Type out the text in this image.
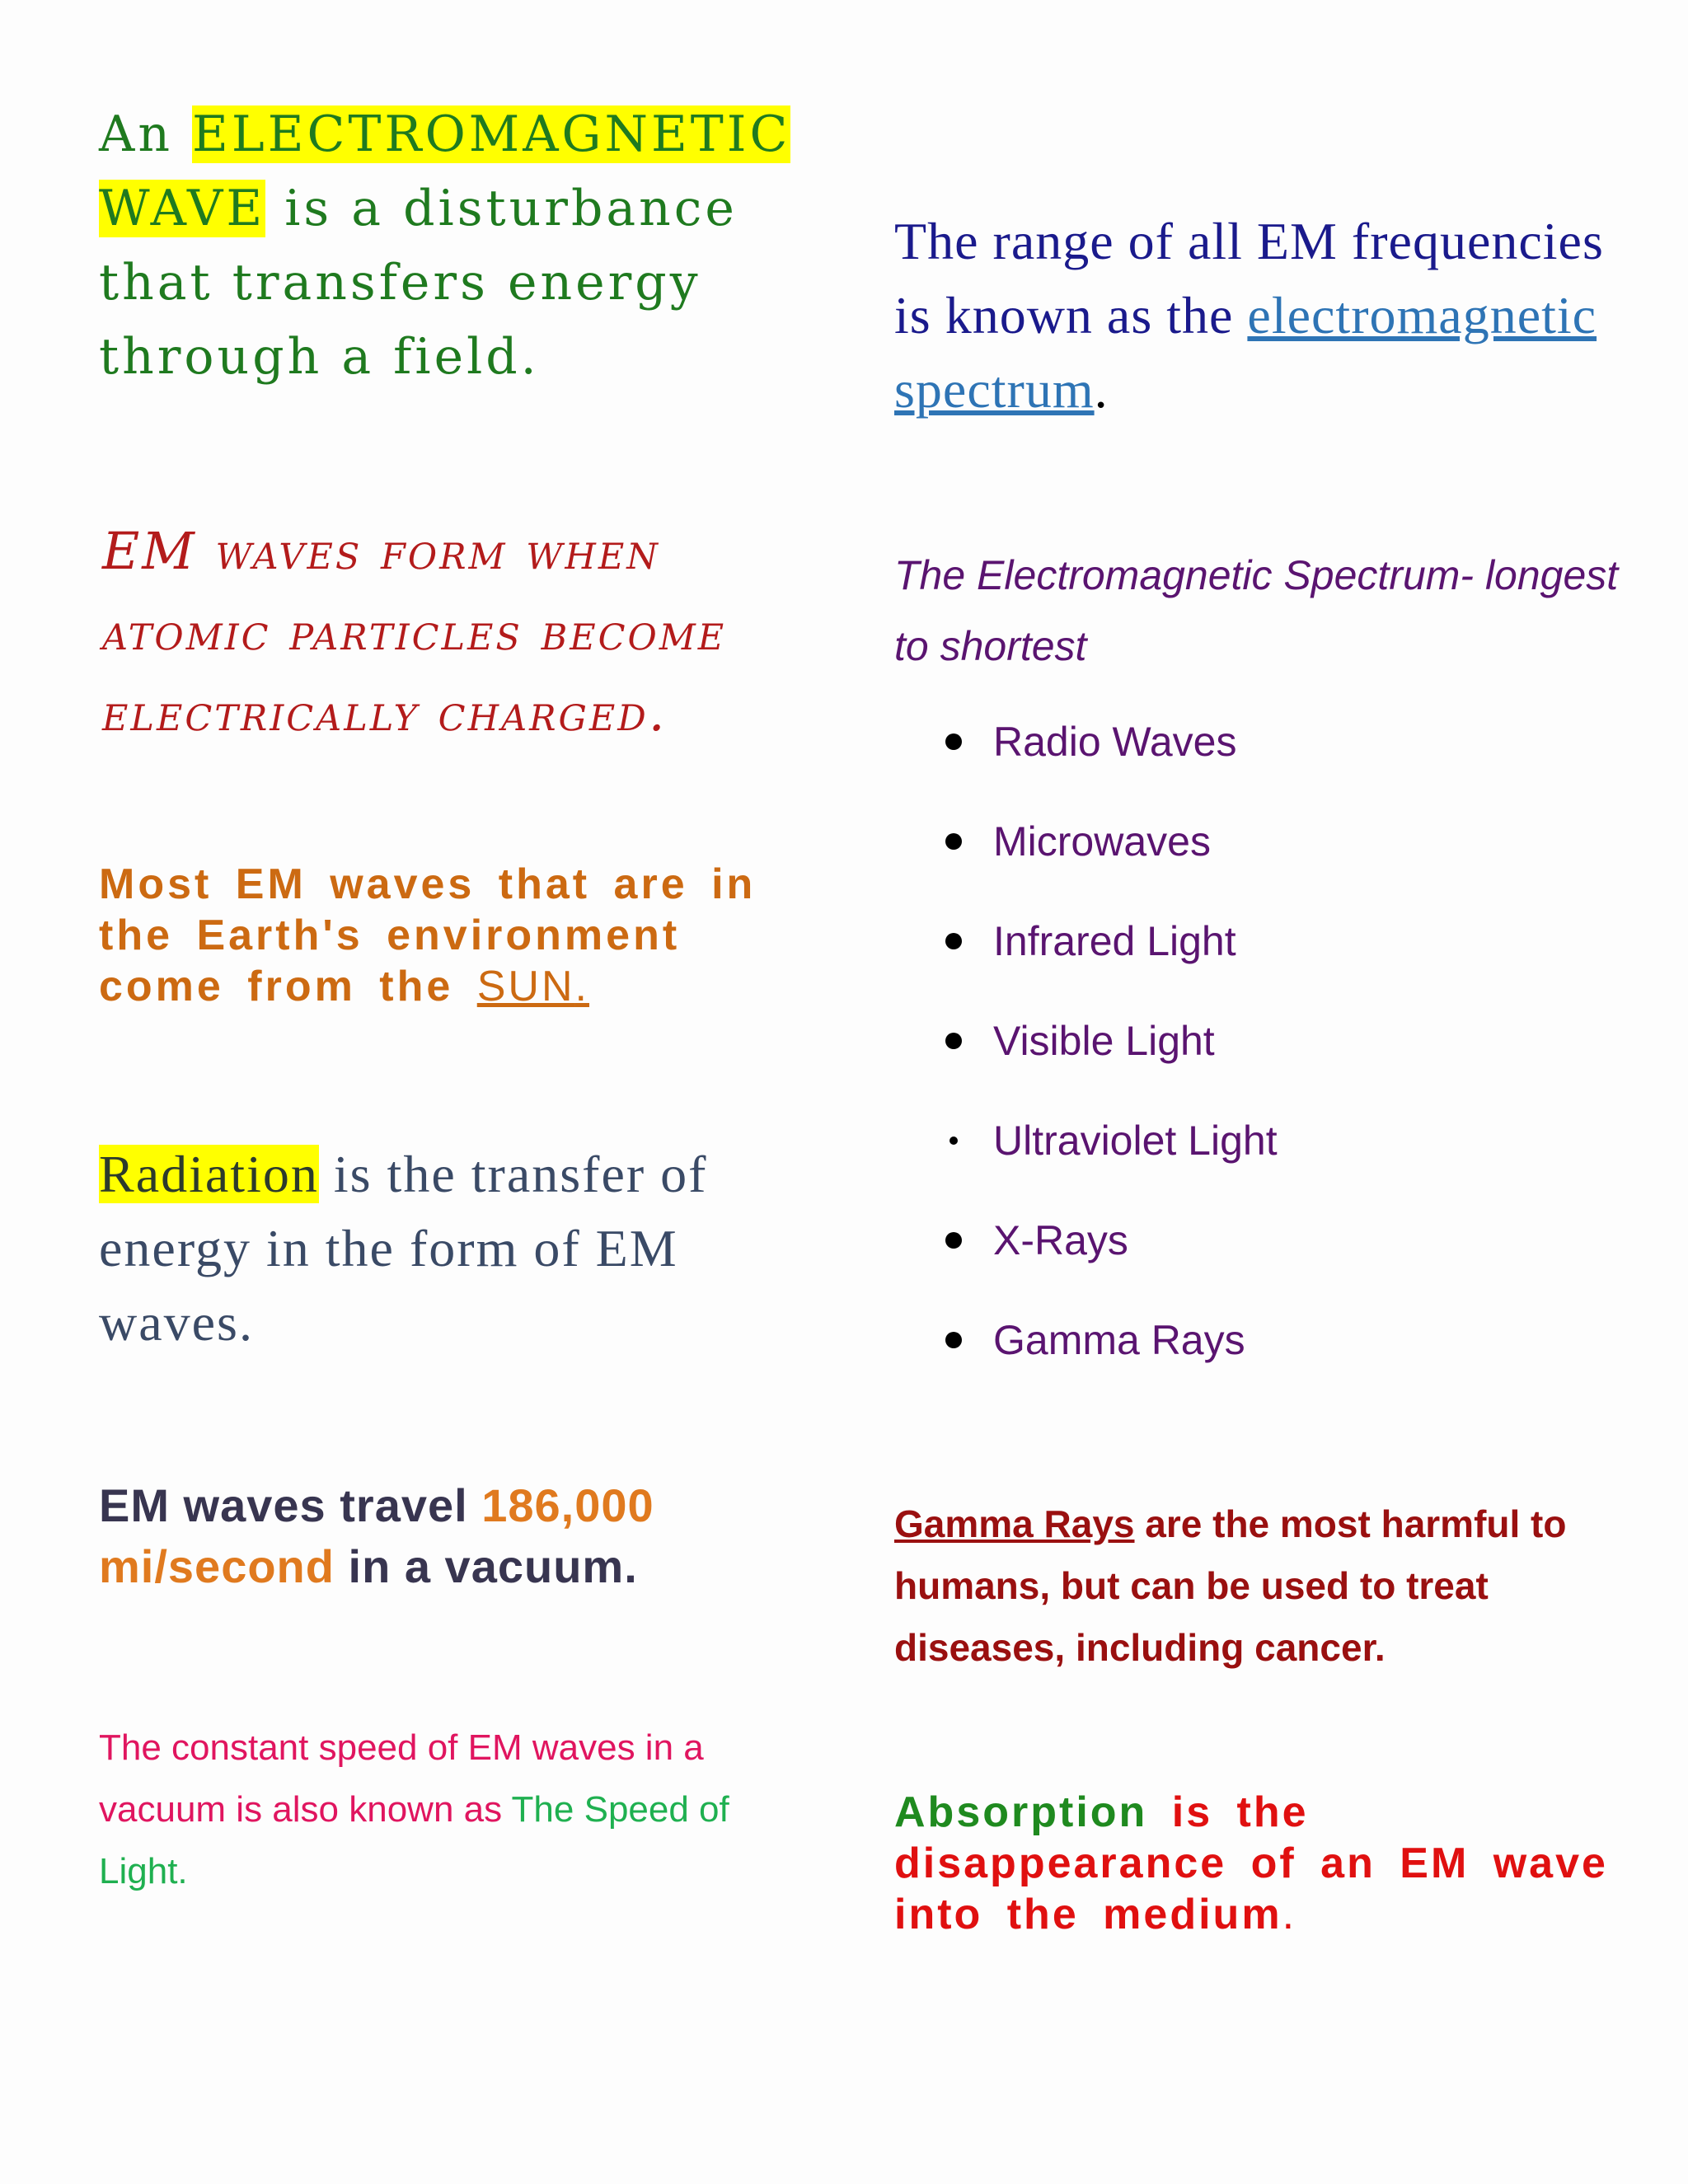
An ELECTROMAGNETIC WAVE is a disturbance that transfers energy through a field.

EM waves form when atomic particles become electrically charged.

Most EM waves that are in the Earth's environment come from the SUN.

Radiation is the transfer of energy in the form of EM waves.

EM waves travel 186,000 mi/second in a vacuum.

The constant speed of EM waves in a vacuum is also known as The Speed of Light.

The range of all EM frequencies is known as the electromagnetic spectrum.

The Electromagnetic Spectrum- longest to shortest

Radio Waves
Microwaves
Infrared Light
Visible Light
Ultraviolet Light
X-Rays
Gamma Rays

Gamma Rays are the most harmful to humans, but can be used to treat diseases, including cancer.

Absorption is the disappearance of an EM wave into the medium.
